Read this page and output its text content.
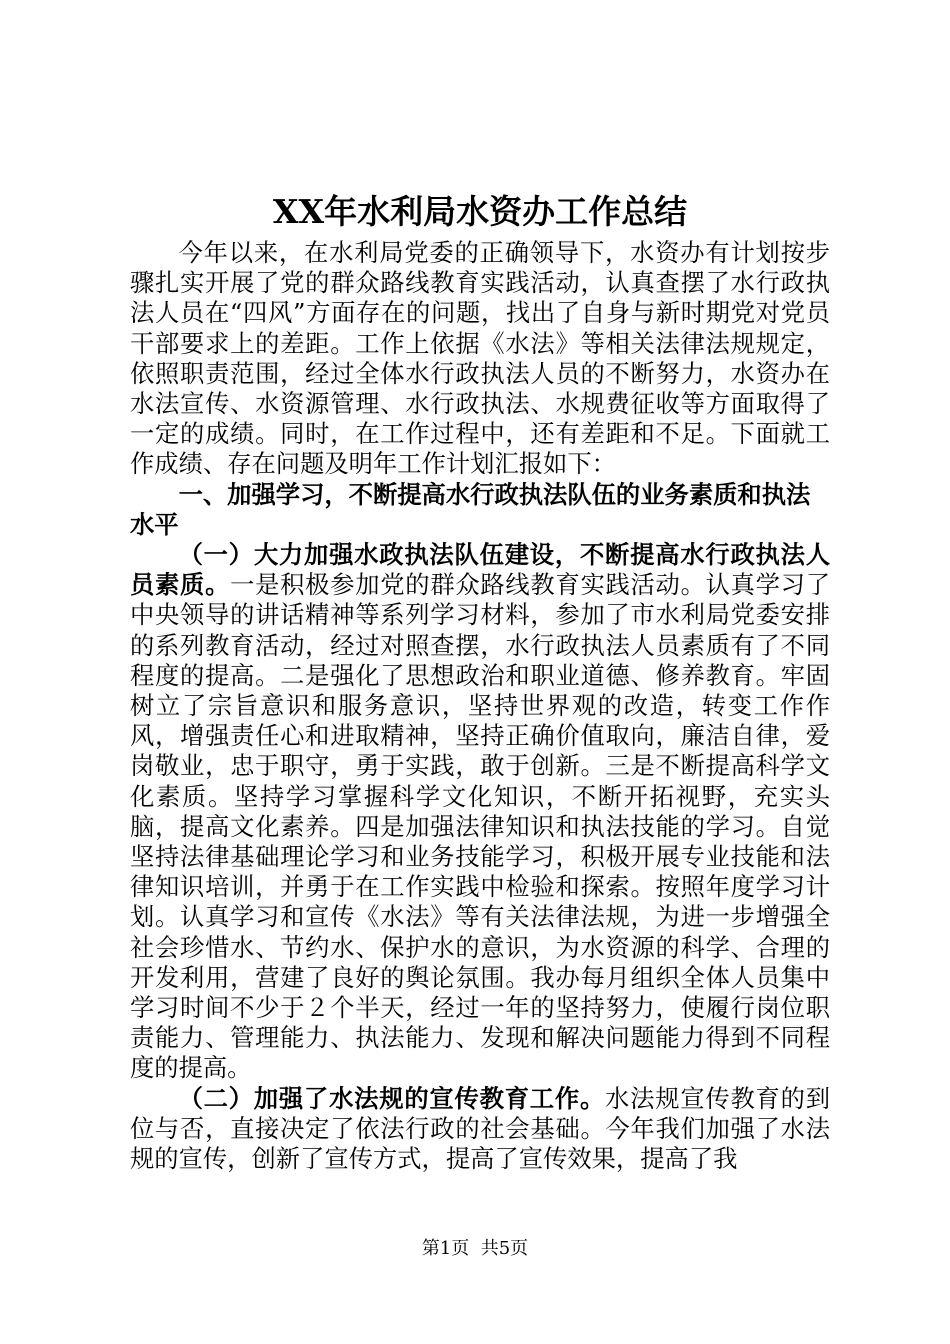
XX年水利局水资办工作总结

今年以来，在水利局党委的正确领导下，水资办有计划按步骤扎实开展了党的群众路线教育实践活动，认真查摆了水行政执法人员在“四风”方面存在的问题，找出了自身与新时期党对党员干部要求上的差距。工作上依据《水法》等相关法律法规规定，依照职责范围，经过全体水行政执法人员的不断努力，水资办在水法宣传、水资源管理、水行政执法、水规费征收等方面取得了一定的成绩。同时，在工作过程中，还有差距和不足。下面就工作成绩、存在问题及明年工作计划汇报如下：

一、加强学习，不断提高水行政执法队伍的业务素质和执法水平

（一）大力加强水政执法队伍建设，不断提高水行政执法人员素质。一是积极参加党的群众路线教育实践活动。认真学习了中央领导的讲话精神等系列学习材料，参加了市水利局党委安排的系列教育活动，经过对照查摆，水行政执法人员素质有了不同程度的提高。二是强化了思想政治和职业道德、修养教育。牢固树立了宗旨意识和服务意识，坚持世界观的改造，转变工作作风，增强责任心和进取精神，坚持正确价值取向，廉洁自律，爱岗敬业，忠于职守，勇于实践，敢于创新。三是不断提高科学文化素质。坚持学习掌握科学文化知识，不断开拓视野，充实头脑，提高文化素养。四是加强法律知识和执法技能的学习。自觉坚持法律基础理论学习和业务技能学习，积极开展专业技能和法律知识培训，并勇于在工作实践中检验和探索。按照年度学习计划。认真学习和宣传《水法》等有关法律法规，为进一步增强全社会珍惜水、节约水、保护水的意识，为水资源的科学、合理的开发利用，营建了良好的舆论氛围。我办每月组织全体人员集中学习时间不少于２个半天，经过一年的坚持努力，使履行岗位职责能力、管理能力、执法能力、发现和解决问题能力得到不同程度的提高。

（二）加强了水法规的宣传教育工作。水法规宣传教育的到位与否，直接决定了依法行政的社会基础。今年我们加强了水法规的宣传，创新了宣传方式，提高了宣传效果，提高了我

第1页 共5页
